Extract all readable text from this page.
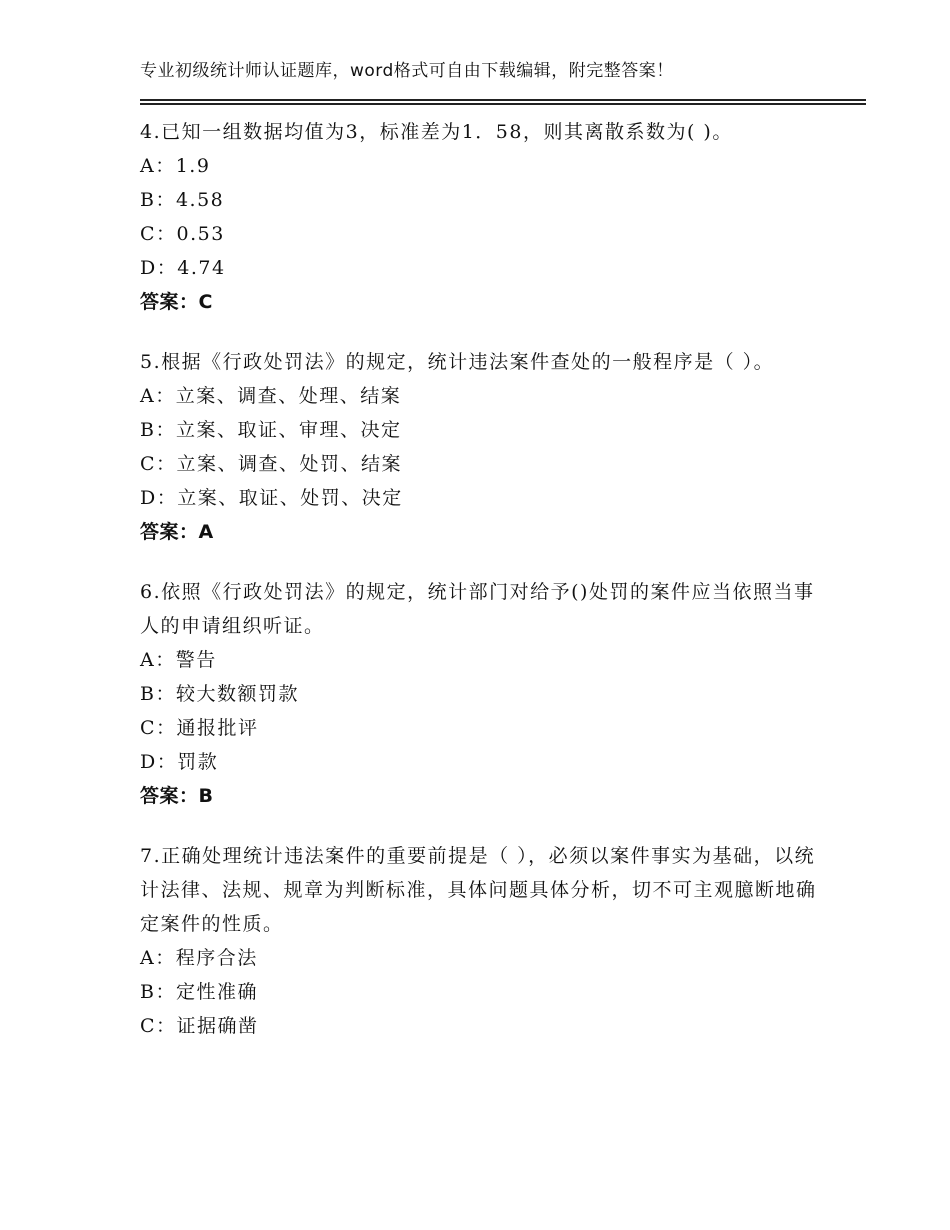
专业初级统计师认证题库，word格式可自由下载编辑，附完整答案！

4.已知一组数据均值为3，标准差为1．58，则其离散系数为( )。

A：1.9

B：4.58

C：0.53

D：4.74

答案：C

5.根据《行政处罚法》的规定，统计违法案件查处的一般程序是（ ）。

A：立案、调查、处理、结案

B：立案、取证、审理、决定

C：立案、调查、处罚、结案

D：立案、取证、处罚、决定

答案：A

6.依照《行政处罚法》的规定，统计部门对给予()处罚的案件应当依照当事人的申请组织听证。

A：警告

B：较大数额罚款

C：通报批评

D：罚款

答案：B

7.正确处理统计违法案件的重要前提是（ ），必须以案件事实为基础，以统计法律、法规、规章为判断标准，具体问题具体分析，切不可主观臆断地确定案件的性质。

A：程序合法

B：定性准确

C：证据确凿
